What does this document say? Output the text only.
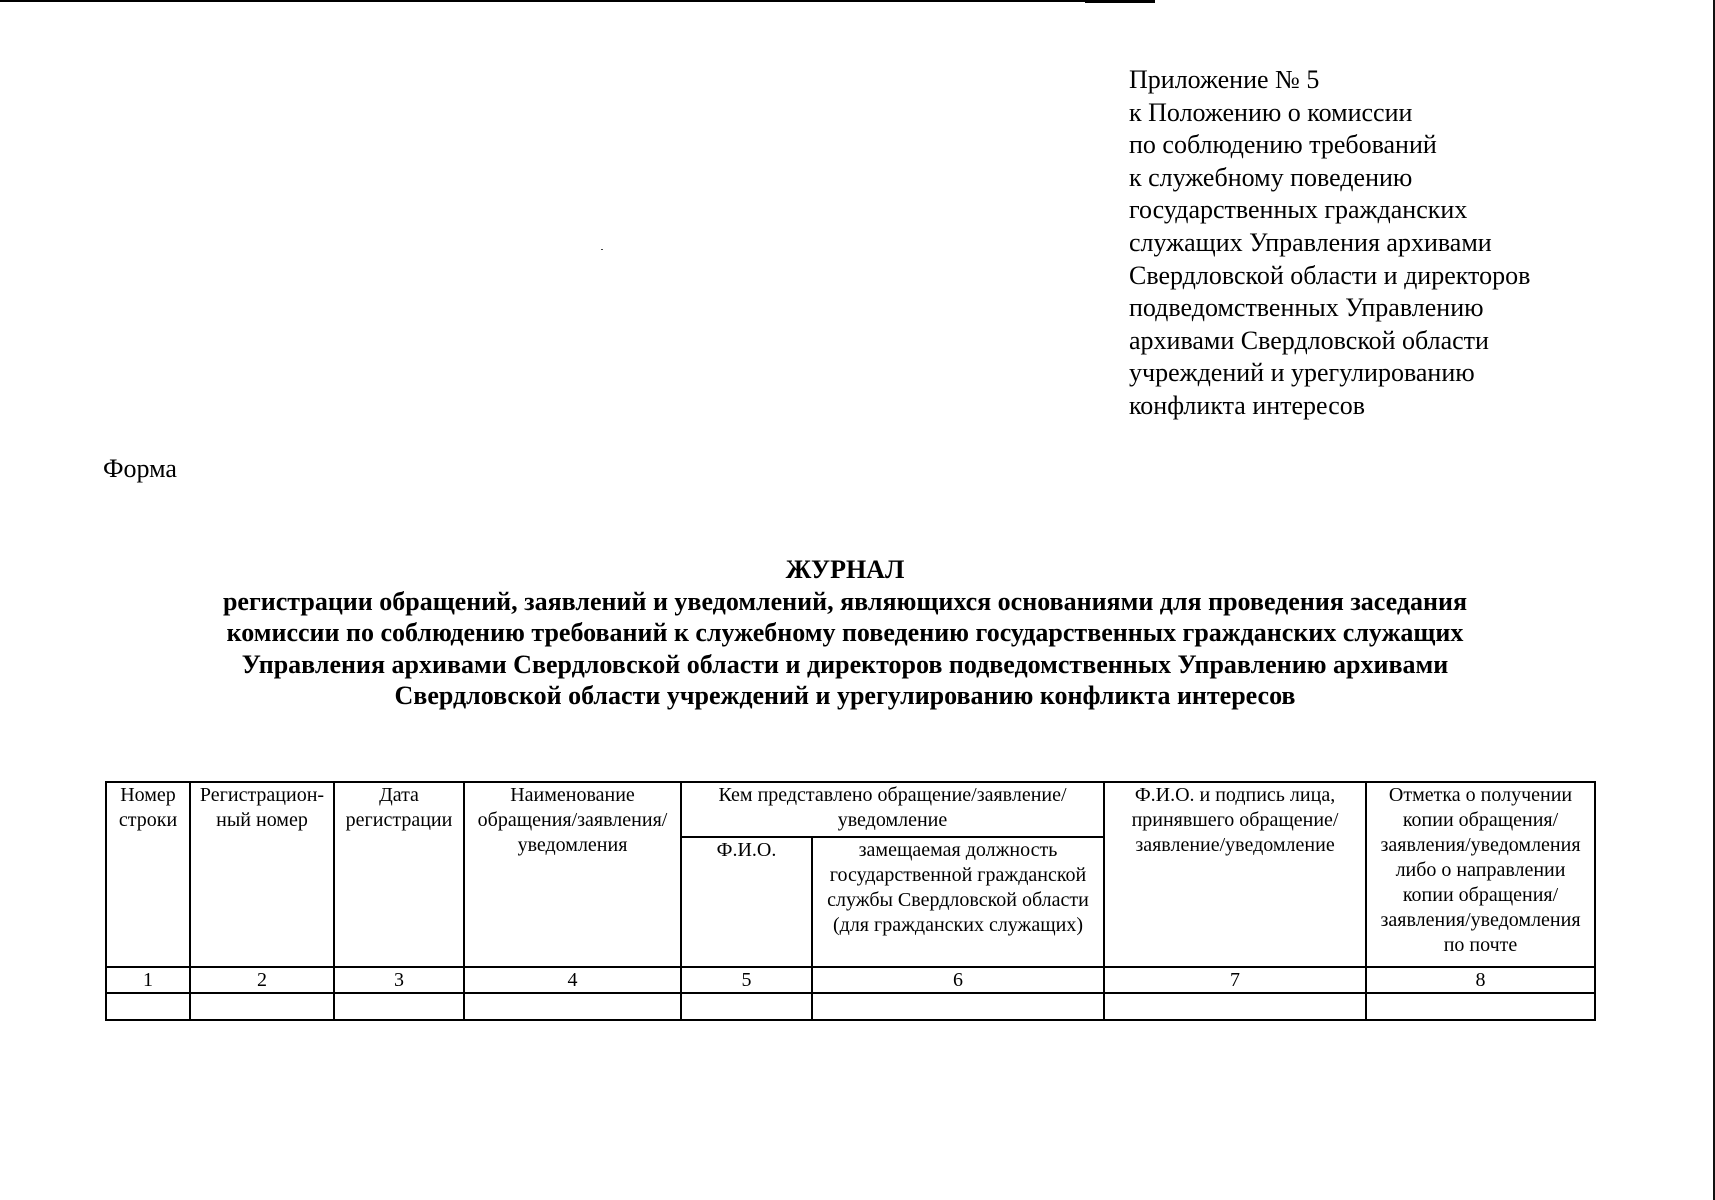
Приложение № 5
к Положению о комиссии
по соблюдению требований
к служебному поведению
государственных гражданских
служащих Управления архивами
Свердловской области и директоров
подведомственных Управлению
архивами Свердловской области
учреждений и урегулированию
конфликта интересов
Форма
ЖУРНАЛ
регистрации обращений, заявлений и уведомлений, являющихся основаниями для проведения заседания
комиссии по соблюдению требований к служебному поведению государственных гражданских служащих
Управления архивами Свердловской области и директоров подведомственных Управлению архивами
Свердловской области учреждений и урегулированию конфликта интересов
Номер строки	Регистрацион-ный номер	Дата регистрации	Наименование обращения/заявления/ уведомления	Кем представлено обращение/заявление/уведомление		Ф.И.О. и подпись лица, принявшего обращение/заявление/уведомление	Отметка о получении копии обращения/заявления/уведомления либо о направлении копии обращения/заявления/уведомления по почте
				Ф.И.О.	замещаемая должность государственной гражданской службы Свердловской области (для гражданских служащих)		
1	2	3	4	5	6	7	8
